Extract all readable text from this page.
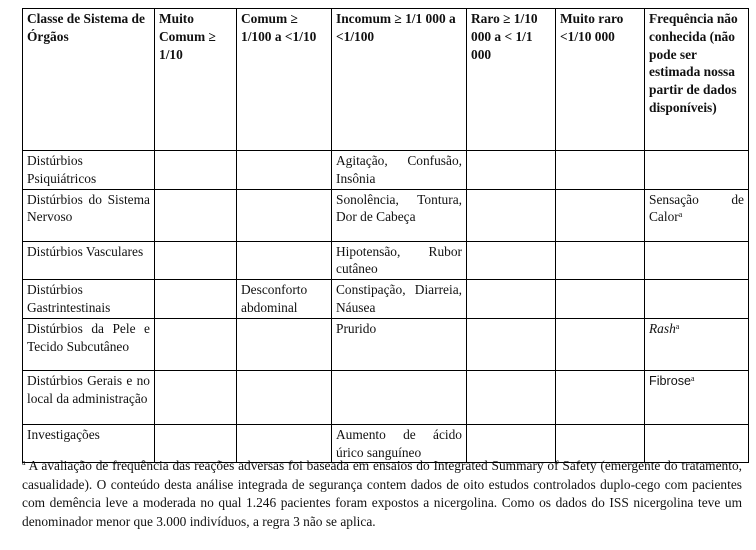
Classe de Sistema de Órgãos	Muito Comum ≥ 1/10	Comum ≥ 1/100 a <1/10	Incomum ≥ 1/1 000 a <1/100	Raro ≥ 1/10 000 a < 1/1 000	Muito raro <1/10 000	Frequência não conhecida (não pode ser estimada nossa partir de dados disponíveis)
Distúrbios Psiquiátricos			Agitação, Confusão, Insônia			
Distúrbios do Sistema Nervoso			Sonolência, Tontura, Dor de Cabeça			Sensação de Calor$^a$
Distúrbios Vasculares			Hipotensão, Rubor cutâneo			
Distúrbios Gastrintestinais		Desconforto abdominal	Constipação, Diarreia, Náusea			
Distúrbios da Pele e Tecido Subcutâneo			Prurido			Rash$^a$
Distúrbios Gerais e no local da administração						Fibrose$^a$
Investigações			Aumento de ácido úrico sanguíneo			
$^a$ A avaliação de frequência das reações adversas foi baseada em ensaios do Integrated Summary of Safety (emergente do tratamento, casualidade). O conteúdo desta análise integrada de segurança contem dados de oito estudos controlados duplo-cego com pacientes com demência leve a moderada no qual 1.246 pacientes foram expostos a nicergolina. Como os dados do ISS nicergolina teve um denominador menor que 3.000 indivíduos, a regra 3 não se aplica.
